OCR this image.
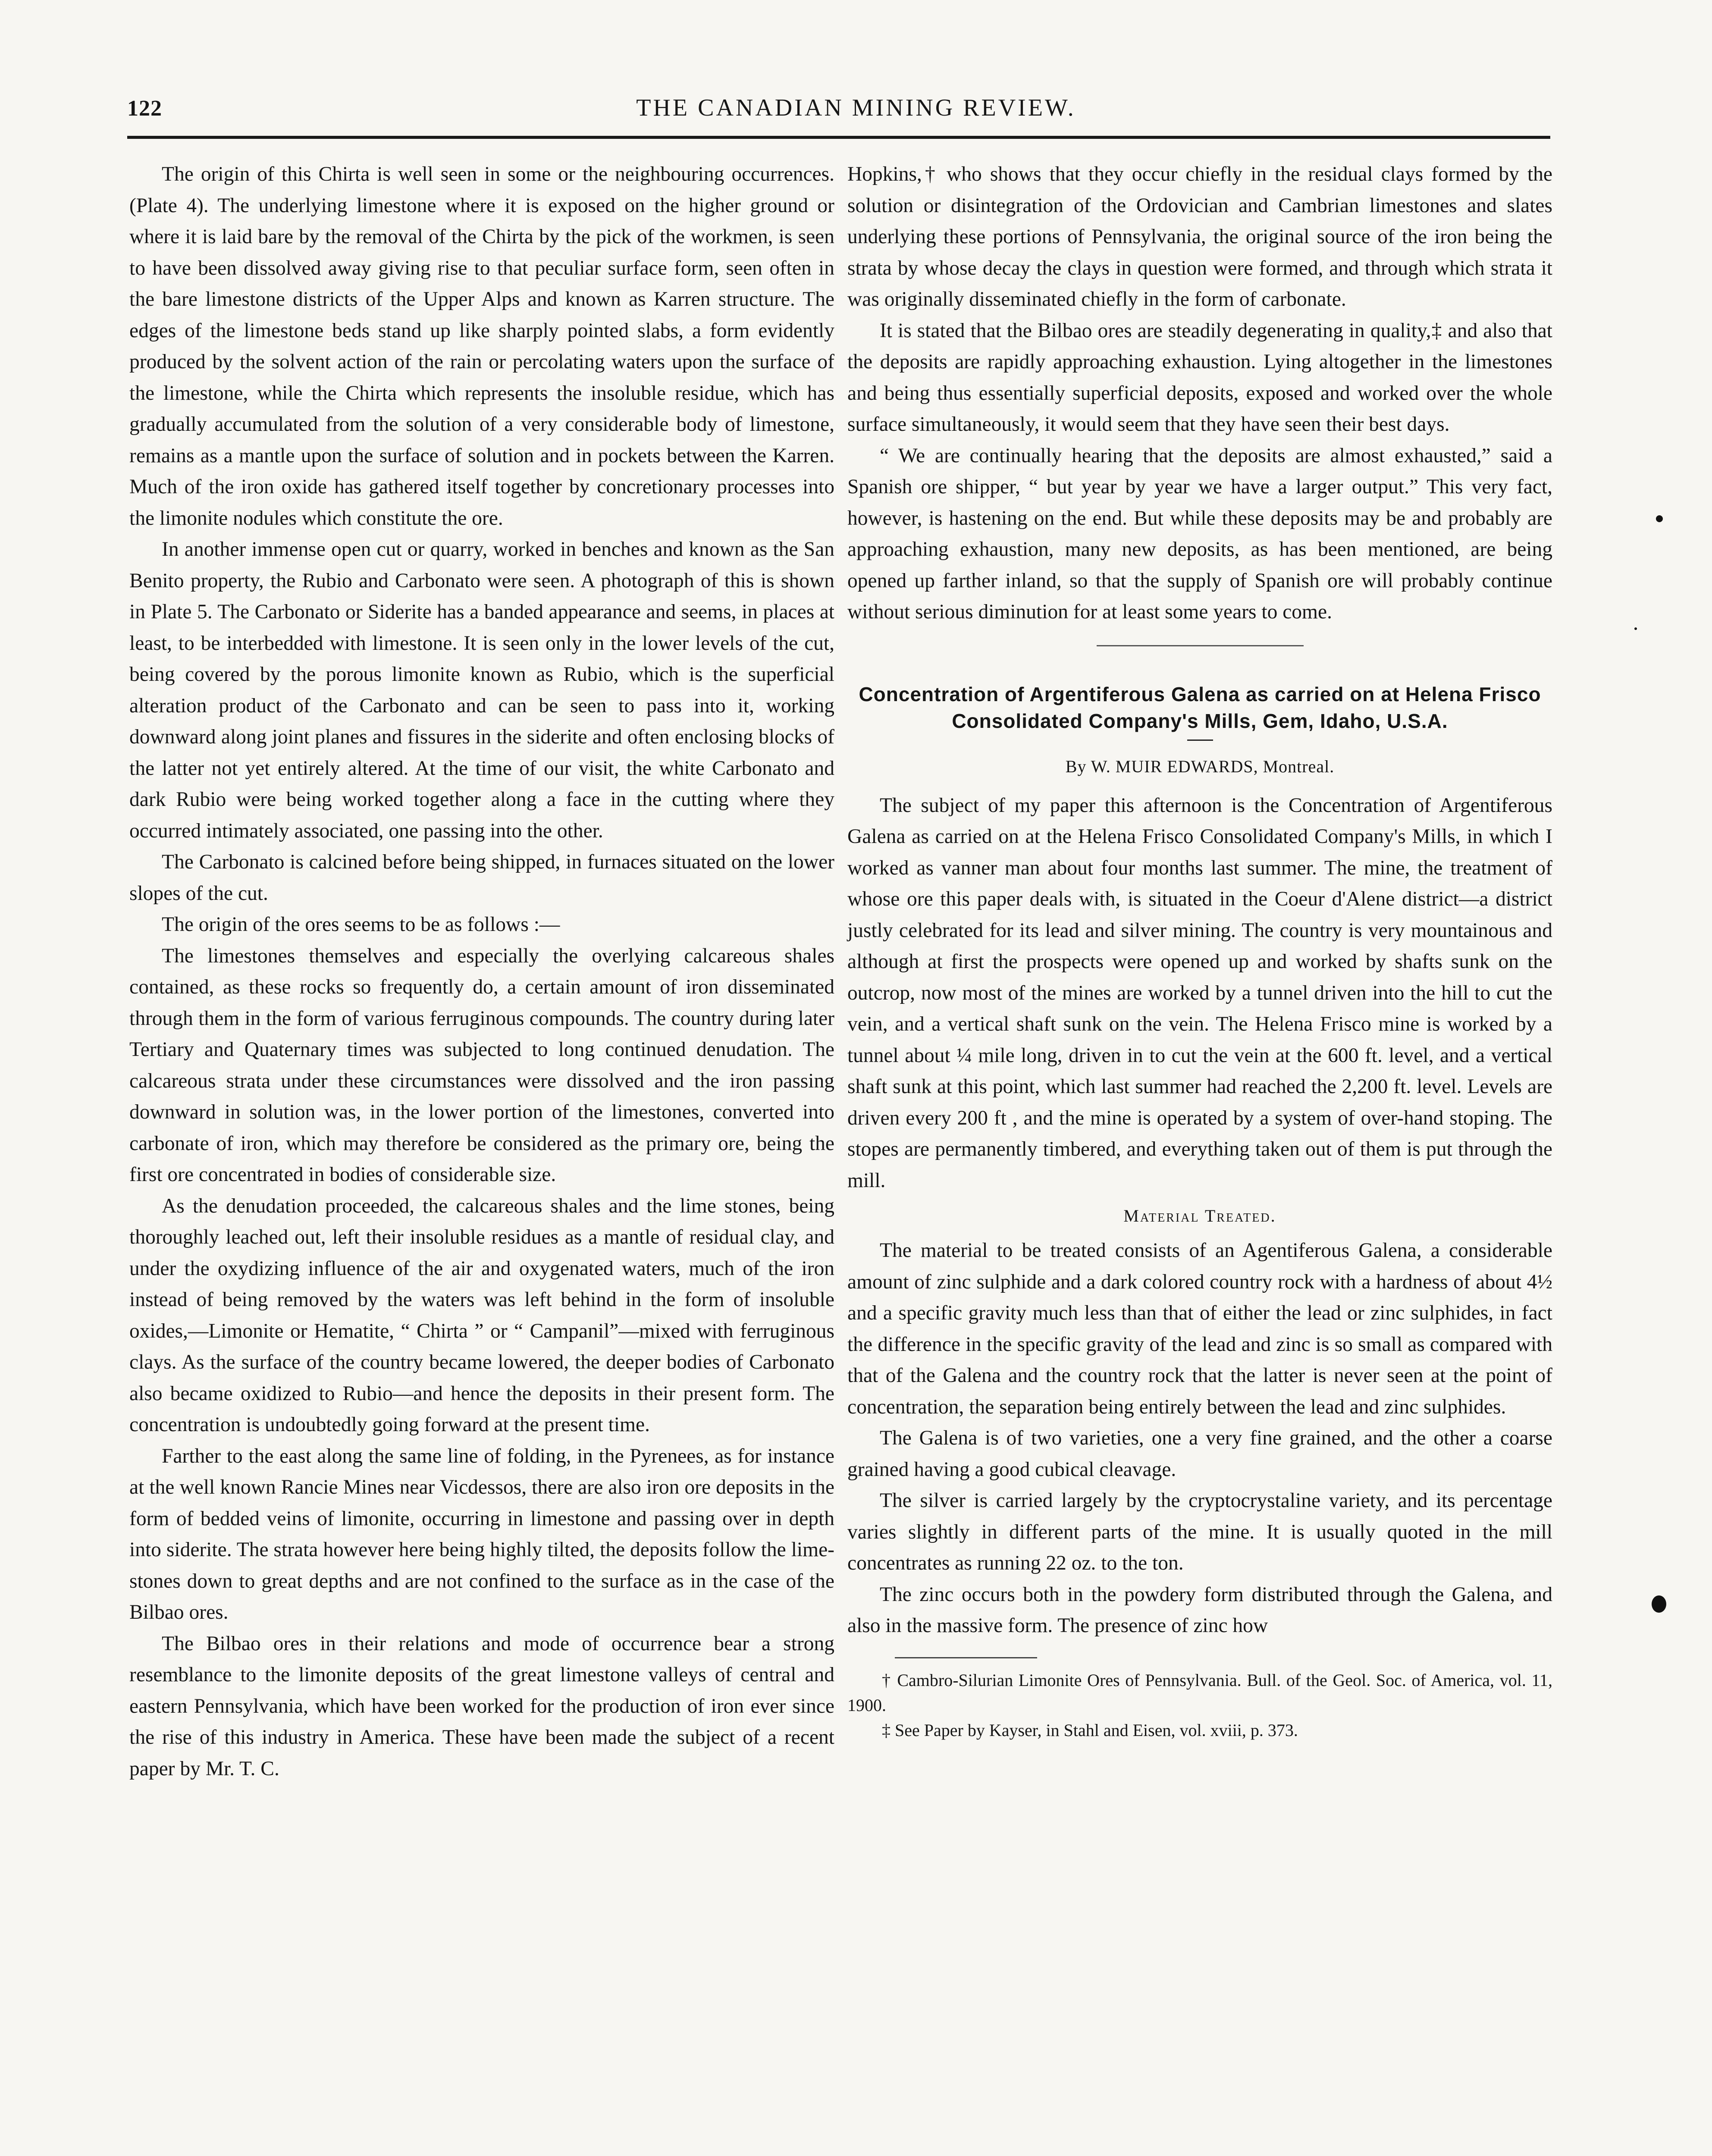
122	THE CANADIAN MINING REVIEW.

The origin of this Chirta is well seen in some or the neighbouring occurrences. (Plate 4). The underlying limestone where it is exposed on the higher ground or where it is laid bare by the removal of the Chirta by the pick of the workmen, is seen to have been dissolved away giving rise to that peculiar surface form, seen often in the bare limestone districts of the Upper Alps and known as Karren structure. The edges of the limestone beds stand up like sharply pointed slabs, a form evidently produced by the solvent action of the rain or percolating waters upon the surface of the limestone, while the Chirta which represents the insoluble residue, which has gradually accumulated from the solution of a very considerable body of limestone, remains as a mantle upon the surface of solution and in pockets between the Karren. Much of the iron oxide has gathered itself together by concretionary processes into the limonite nodules which constitute the ore.

In another immense open cut or quarry, worked in benches and known as the San Benito property, the Rubio and Carbonato were seen. A photograph of this is shown in Plate 5. The Carbonato or Siderite has a banded appearance and seems, in places at least, to be interbedded with limestone. It is seen only in the lower levels of the cut, being covered by the porous limonite known as Rubio, which is the superficial alteration product of the Carbonato and can be seen to pass into it, working downward along joint planes and fissures in the siderite and often enclosing blocks of the latter not yet entirely altered. At the time of our visit, the white Carbonato and dark Rubio were being worked together along a face in the cutting where they occurred intimately associated, one passing into the other.

The Carbonato is calcined before being shipped, in furnaces situated on the lower slopes of the cut.

The origin of the ores seems to be as follows :—

The limestones themselves and especially the overlying calcareous shales contained, as these rocks so frequently do, a certain amount of iron disseminated through them in the form of various ferruginous compounds. The country during later Tertiary and Quaternary times was subjected to long continued denudation. The calcareous strata under these circumstances were dissolved and the iron passing downward in solution was, in the lower portion of the limestones, converted into carbonate of iron, which may therefore be considered as the primary ore, being the first ore concentrated in bodies of considerable size.

As the denudation proceeded, the calcareous shales and the lime stones, being thoroughly leached out, left their insoluble residues as a mantle of residual clay, and under the oxydizing influence of the air and oxygenated waters, much of the iron instead of being removed by the waters was left behind in the form of insoluble oxides,—Limonite or Hematite, “ Chirta ” or “ Campanil”—mixed with ferruginous clays. As the surface of the country became lowered, the deeper bodies of Carbonato also became oxidized to Rubio—and hence the deposits in their present form. The concentration is undoubtedly going forward at the present time.

Farther to the east along the same line of folding, in the Pyrenees, as for instance at the well known Rancie Mines near Vicdessos, there are also iron ore deposits in the form of bedded veins of limonite, occurring in limestone and passing over in depth into siderite. The strata however here being highly tilted, the deposits follow the limestones down to great depths and are not confined to the surface as in the case of the Bilbao ores.

The Bilbao ores in their relations and mode of occurrence bear a strong resemblance to the limonite deposits of the great limestone valleys of central and eastern Pennsylvania, which have been worked for the production of iron ever since the rise of this industry in America. These have been made the subject of a recent paper by Mr. T. C.

Hopkins,† who shows that they occur chiefly in the residual clays formed by the solution or disintegration of the Ordovician and Cambrian limestones and slates underlying these portions of Pennsylvania, the original source of the iron being the strata by whose decay the clays in question were formed, and through which strata it was originally disseminated chiefly in the form of carbonate.

It is stated that the Bilbao ores are steadily degenerating in quality,‡ and also that the deposits are rapidly approaching exhaustion. Lying altogether in the limestones and being thus essentially superficial deposits, exposed and worked over the whole surface simultaneously, it would seem that they have seen their best days.

“ We are continually hearing that the deposits are almost exhausted,” said a Spanish ore shipper, “ but year by year we have a larger output.” This very fact, however, is hastening on the end. But while these deposits may be and probably are approaching exhaustion, many new deposits, as has been mentioned, are being opened up farther inland, so that the supply of Spanish ore will probably continue without serious diminution for at least some years to come.

Concentration of Argentiferous Galena as carried on at Helena Frisco Consolidated Company's Mills, Gem, Idaho, U.S.A.
By W. MUIR EDWARDS, Montreal.

The subject of my paper this afternoon is the Concentration of Argentiferous Galena as carried on at the Helena Frisco Consolidated Company's Mills, in which I worked as vanner man about four months last summer. The mine, the treatment of whose ore this paper deals with, is situated in the Coeur d'Alene district—a district justly celebrated for its lead and silver mining. The country is very mountainous and although at first the prospects were opened up and worked by shafts sunk on the outcrop, now most of the mines are worked by a tunnel driven into the hill to cut the vein, and a vertical shaft sunk on the vein. The Helena Frisco mine is worked by a tunnel about ¼ mile long, driven in to cut the vein at the 600 ft. level, and a vertical shaft sunk at this point, which last summer had reached the 2,200 ft. level. Levels are driven every 200 ft , and the mine is operated by a system of over-hand stoping. The stopes are permanently timbered, and everything taken out of them is put through the mill.

Material Treated.

The material to be treated consists of an Agentiferous Galena, a considerable amount of zinc sulphide and a dark colored country rock with a hardness of about 4½ and a specific gravity much less than that of either the lead or zinc sulphides, in fact the difference in the specific gravity of the lead and zinc is so small as compared with that of the Galena and the country rock that the latter is never seen at the point of concentration, the separation being entirely between the lead and zinc sulphides.

The Galena is of two varieties, one a very fine grained, and the other a coarse grained having a good cubical cleavage.

The silver is carried largely by the cryptocrystaline variety, and its percentage varies slightly in different parts of the mine. It is usually quoted in the mill concentrates as running 22 oz. to the ton.

The zinc occurs both in the powdery form distributed through the Galena, and also in the massive form. The presence of zinc how

† Cambro-Silurian Limonite Ores of Pennsylvania. Bull. of the Geol. Soc. of America, vol. 11, 1900.

‡ See Paper by Kayser, in Stahl and Eisen, vol. xviii, p. 373.
